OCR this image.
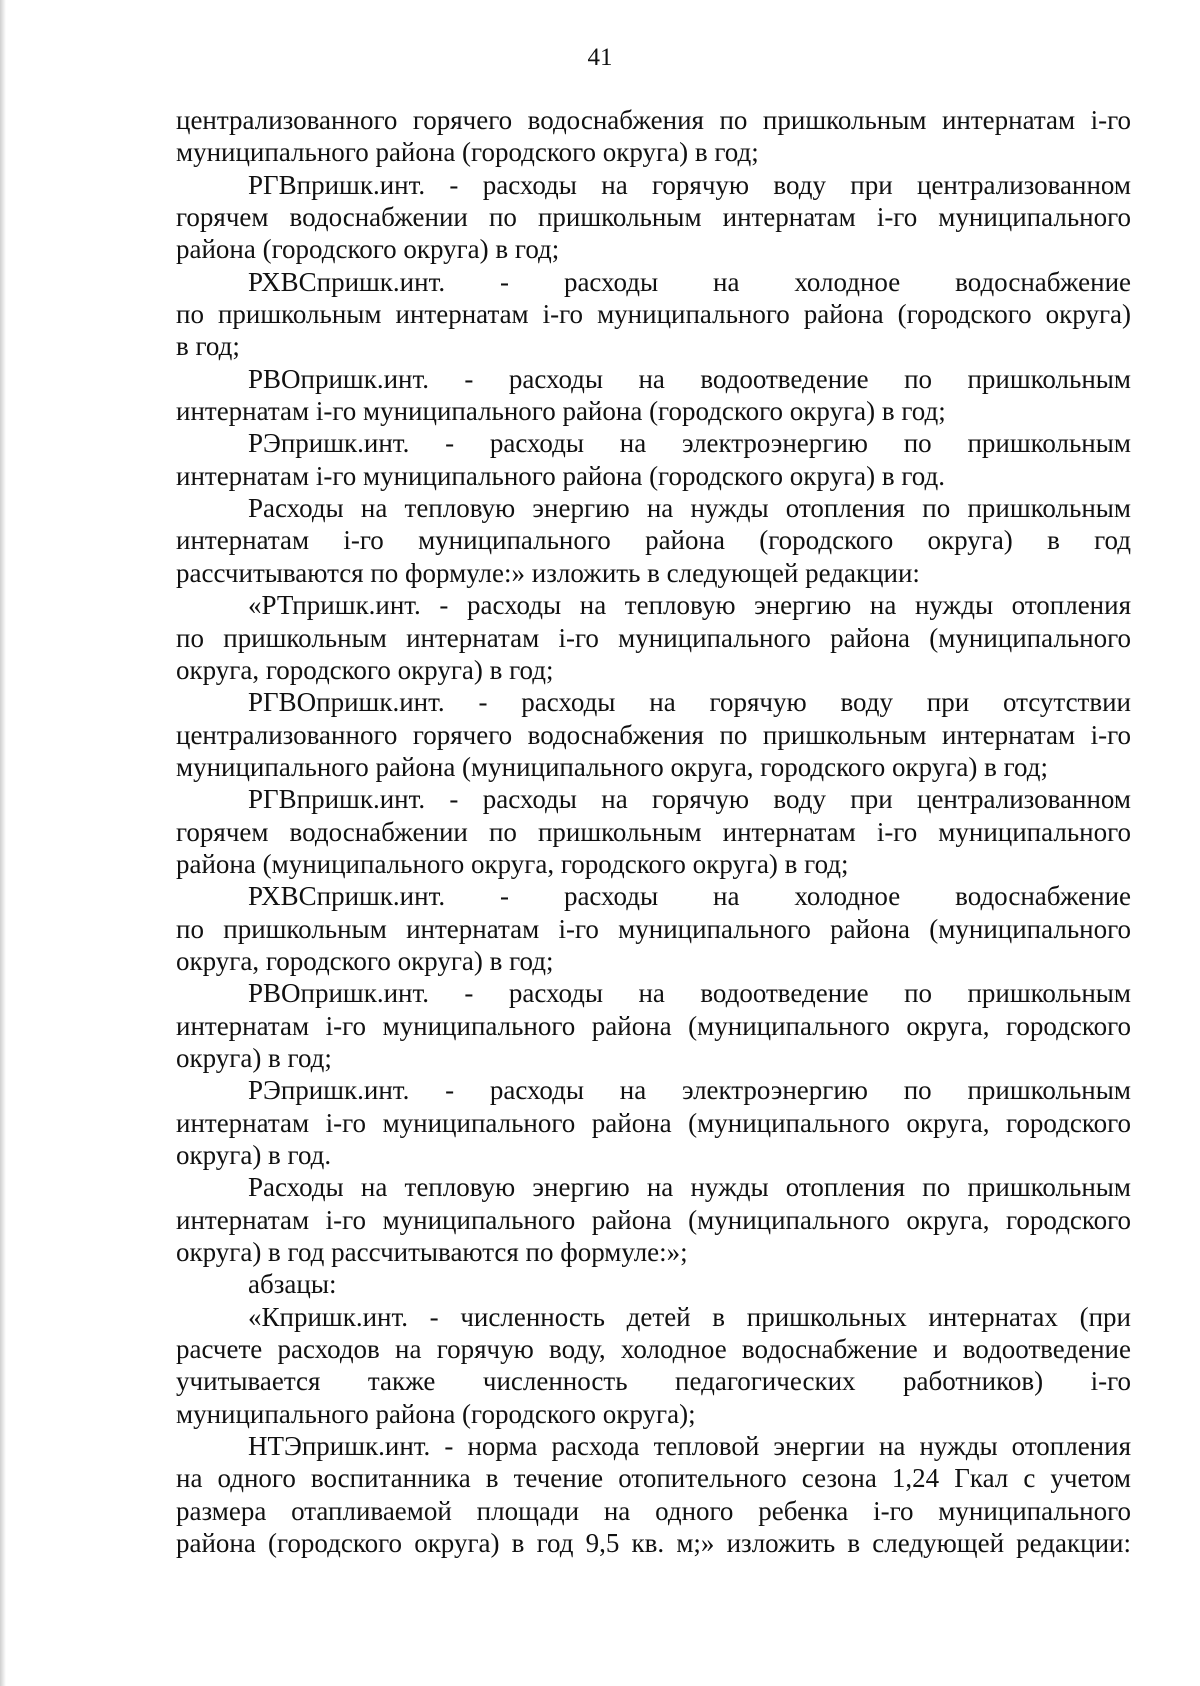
41
централизованного горячего водоснабжения по пришкольным интернатам i-го
муниципального района (городского округа) в год;
РГВпришк.инт. - расходы на горячую воду при централизованном
горячем водоснабжении по пришкольным интернатам i-го муниципального
района (городского округа) в год;
РХВСпришк.инт. - расходы на холодное водоснабжение
по пришкольным интернатам i-го муниципального района (городского округа)
в год;
РВОпришк.инт. - расходы на водоотведение по пришкольным
интернатам i-го муниципального района (городского округа) в год;
РЭпришк.инт. - расходы на электроэнергию по пришкольным
интернатам i-го муниципального района (городского округа) в год.
Расходы на тепловую энергию на нужды отопления по пришкольным
интернатам i-го муниципального района (городского округа) в год
рассчитываются по формуле:» изложить в следующей редакции:
«РТпришк.инт. - расходы на тепловую энергию на нужды отопления
по пришкольным интернатам i-го муниципального района (муниципального
округа, городского округа) в год;
РГВОпришк.инт. - расходы на горячую воду при отсутствии
централизованного горячего водоснабжения по пришкольным интернатам i-го
муниципального района (муниципального округа, городского округа) в год;
РГВпришк.инт. - расходы на горячую воду при централизованном
горячем водоснабжении по пришкольным интернатам i-го муниципального
района (муниципального округа, городского округа) в год;
РХВСпришк.инт. - расходы на холодное водоснабжение
по пришкольным интернатам i-го муниципального района (муниципального
округа, городского округа) в год;
РВОпришк.инт. - расходы на водоотведение по пришкольным
интернатам i-го муниципального района (муниципального округа, городского
округа) в год;
РЭпришк.инт. - расходы на электроэнергию по пришкольным
интернатам i-го муниципального района (муниципального округа, городского
округа) в год.
Расходы на тепловую энергию на нужды отопления по пришкольным
интернатам i-го муниципального района (муниципального округа, городского
округа) в год рассчитываются по формуле:»;
абзацы:
«Кпришк.инт. - численность детей в пришкольных интернатах (при
расчете расходов на горячую воду, холодное водоснабжение и водоотведение
учитывается также численность педагогических работников) i-го
муниципального района (городского округа);
НТЭпришк.инт. - норма расхода тепловой энергии на нужды отопления
на одного воспитанника в течение отопительного сезона 1,24 Гкал с учетом
размера отапливаемой площади на одного ребенка i-го муниципального
района (городского округа) в год 9,5 кв. м;» изложить в следующей редакции:
